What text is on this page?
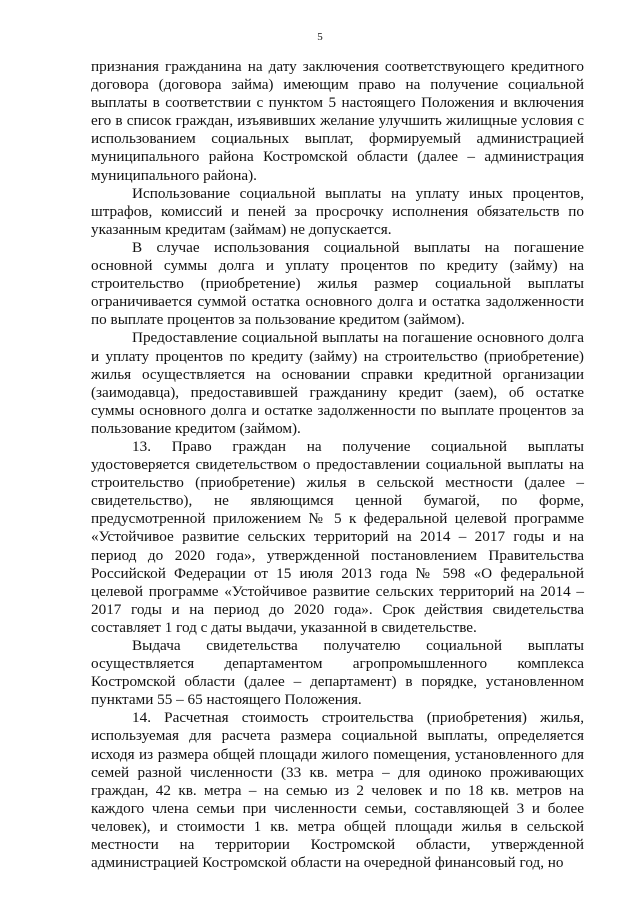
5

признания гражданина на дату заключения соответствующего кредитного договора (договора займа) имеющим право на получение социальной выплаты в соответствии с пунктом 5 настоящего Положения и включения его в список граждан, изъявивших желание улучшить жилищные условия с использованием социальных выплат, формируемый администрацией муниципального района Костромской области (далее – администрация муниципального района).

Использование социальной выплаты на уплату иных процентов, штрафов, комиссий и пеней за просрочку исполнения обязательств по указанным кредитам (займам) не допускается.

В случае использования социальной выплаты на погашение основной суммы долга и уплату процентов по кредиту (займу) на строительство (приобретение) жилья размер социальной выплаты ограничивается суммой остатка основного долга и остатка задолженности по выплате процентов за пользование кредитом (займом).

Предоставление социальной выплаты на погашение основного долга и уплату процентов по кредиту (займу) на строительство (приобретение) жилья осуществляется на основании справки кредитной организации (заимодавца), предоставившей гражданину кредит (заем), об остатке суммы основного долга и остатке задолженности по выплате процентов за пользование кредитом (займом).

13. Право граждан на получение социальной выплаты удостоверяется свидетельством о предоставлении социальной выплаты на строительство (приобретение) жилья в сельской местности (далее – свидетельство), не являющимся ценной бумагой, по форме, предусмотренной приложением № 5 к федеральной целевой программе «Устойчивое развитие сельских территорий на 2014 – 2017 годы и на период до 2020 года», утвержденной постановлением Правительства Российской Федерации от 15 июля 2013 года № 598 «О федеральной целевой программе «Устойчивое развитие сельских территорий на 2014 – 2017 годы и на период до 2020 года». Срок действия свидетельства составляет 1 год с даты выдачи, указанной в свидетельстве.

Выдача свидетельства получателю социальной выплаты осуществляется департаментом агропромышленного комплекса Костромской области (далее – департамент) в порядке, установленном пунктами 55 – 65 настоящего Положения.

14. Расчетная стоимость строительства (приобретения) жилья, используемая для расчета размера социальной выплаты, определяется исходя из размера общей площади жилого помещения, установленного для семей разной численности (33 кв. метра – для одиноко проживающих граждан, 42 кв. метра – на семью из 2 человек и по 18 кв. метров на каждого члена семьи при численности семьи, составляющей 3 и более человек), и стоимости 1 кв. метра общей площади жилья в сельской местности на территории Костромской области, утвержденной администрацией Костромской области на очередной финансовый год, но
